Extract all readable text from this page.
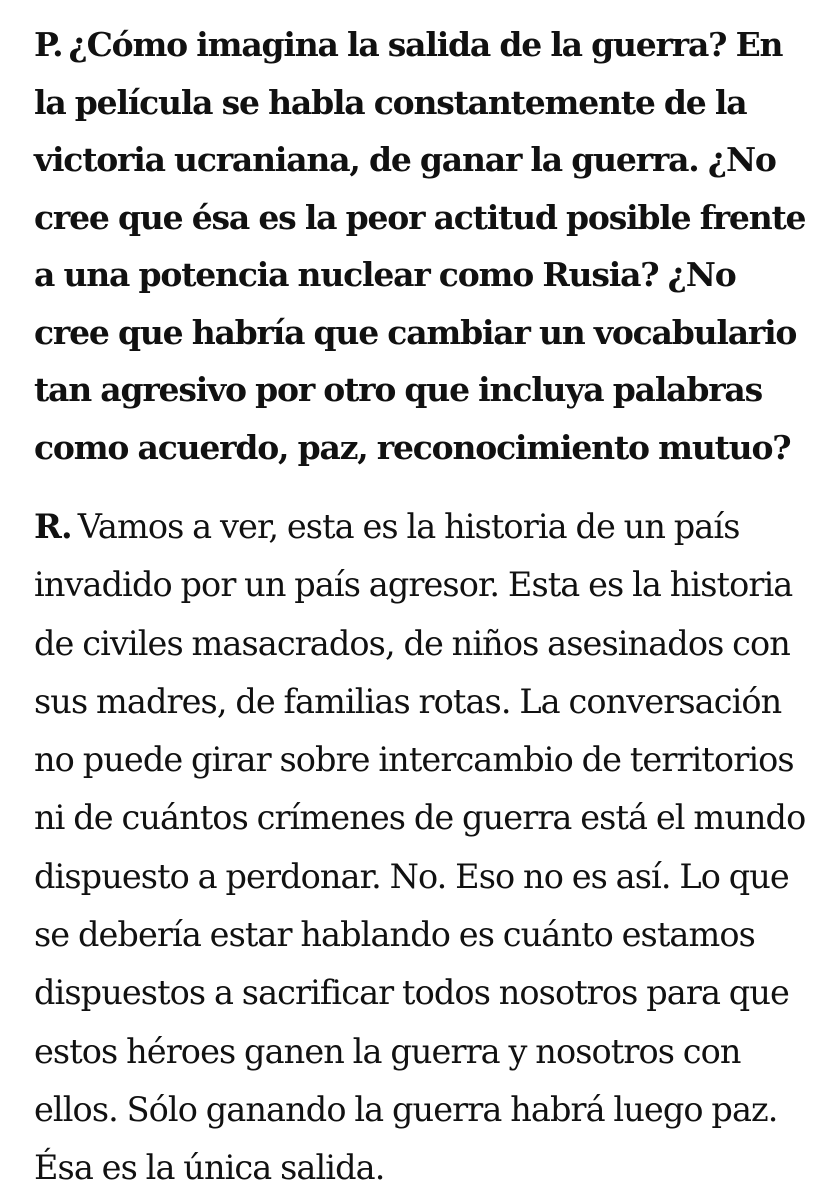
P. ¿Cómo imagina la salida de la guerra? En la película se habla constantemente de la victoria ucraniana, de ganar la guerra. ¿No cree que ésa es la peor actitud posible frente a una potencia nuclear como Rusia? ¿No cree que habría que cambiar un vocabulario tan agresivo por otro que incluya palabras como acuerdo, paz, reconocimiento mutuo?

R. Vamos a ver, esta es la historia de un país invadido por un país agresor. Esta es la historia de civiles masacrados, de niños asesinados con sus madres, de familias rotas. La conversación no puede girar sobre intercambio de territorios ni de cuántos crímenes de guerra está el mundo dispuesto a perdonar. No. Eso no es así. Lo que se debería estar hablando es cuánto estamos dispuestos a sacrificar todos nosotros para que estos héroes ganen la guerra y nosotros con ellos. Sólo ganando la guerra habrá luego paz. Ésa es la única salida.
